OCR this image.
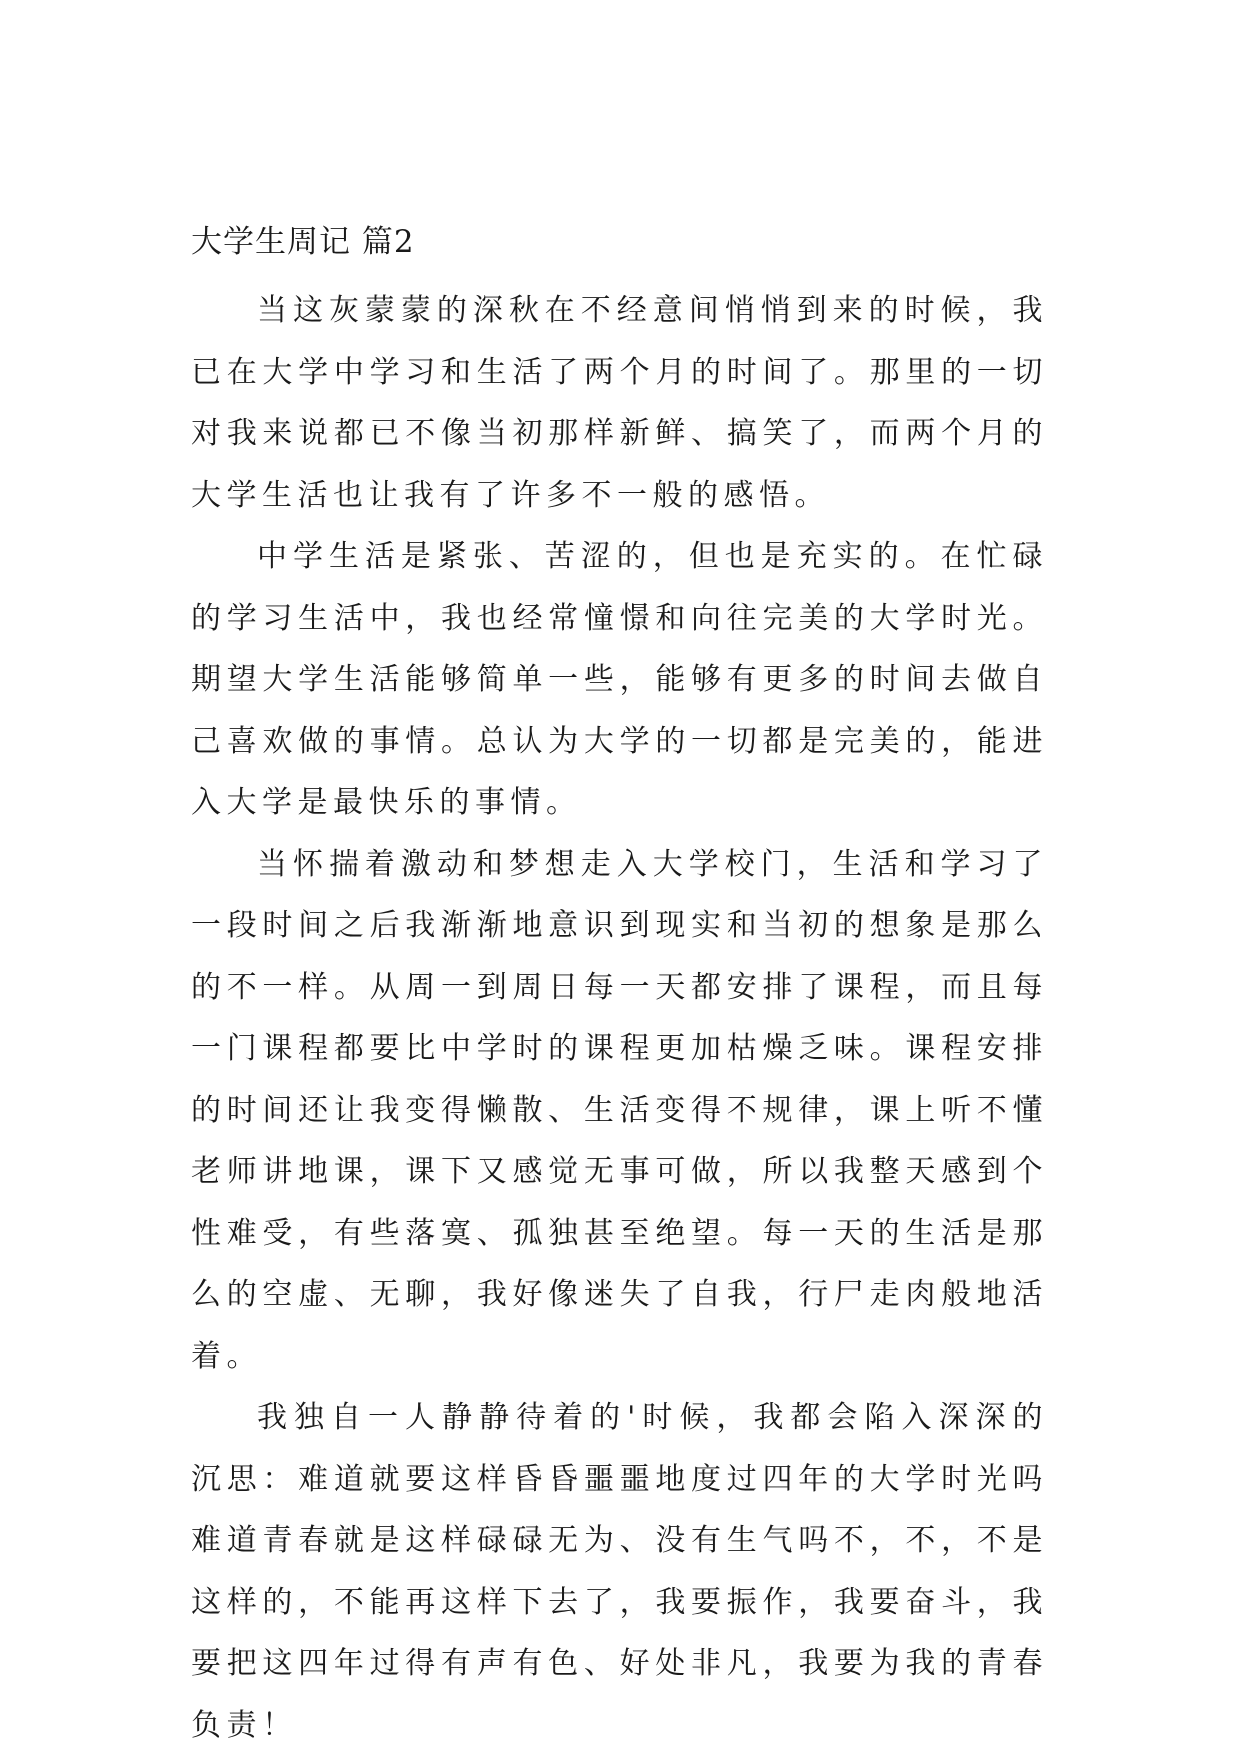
大学生周记 篇2

当这灰蒙蒙的深秋在不经意间悄悄到来的时候，我已在大学中学习和生活了两个月的时间了。那里的一切对我来说都已不像当初那样新鲜、搞笑了，而两个月的大学生活也让我有了许多不一般的感悟。

中学生活是紧张、苦涩的，但也是充实的。在忙碌的学习生活中，我也经常憧憬和向往完美的大学时光。期望大学生活能够简单一些，能够有更多的时间去做自己喜欢做的事情。总认为大学的一切都是完美的，能进入大学是最快乐的事情。

当怀揣着激动和梦想走入大学校门，生活和学习了一段时间之后我渐渐地意识到现实和当初的想象是那么的不一样。从周一到周日每一天都安排了课程，而且每一门课程都要比中学时的课程更加枯燥乏味。课程安排的时间还让我变得懒散、生活变得不规律，课上听不懂老师讲地课，课下又感觉无事可做，所以我整天感到个性难受，有些落寞、孤独甚至绝望。每一天的生活是那么的空虚、无聊，我好像迷失了自我，行尸走肉般地活着。

我独自一人静静待着的'时候，我都会陷入深深的沉思：难道就要这样昏昏噩噩地度过四年的大学时光吗难道青春就是这样碌碌无为、没有生气吗不，不，不是这样的，不能再这样下去了，我要振作，我要奋斗，我要把这四年过得有声有色、好处非凡，我要为我的青春负责！
